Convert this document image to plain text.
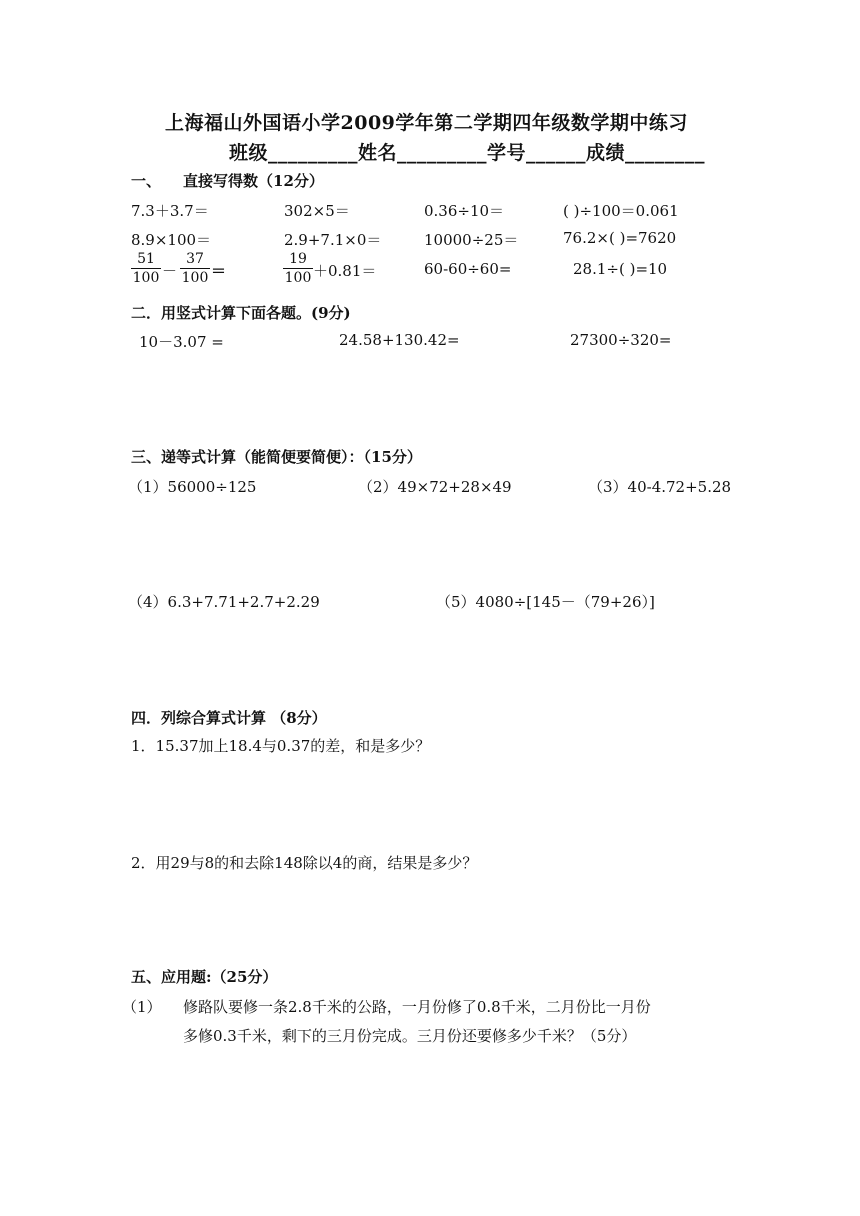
上海福山外国语小学2009学年第二学期四年级数学期中练习
班级_________姓名_________学号______成绩________
一、 直接写得数（12分）
7.3＋3.7＝	302×5＝	0.36÷10＝	( )÷100＝0.061
8.9×100＝	2.9+7.1×0＝	10000÷25＝	76.2×( )=7620
$\frac{51}{100} - \frac{37}{100}$ ＝	$\frac{19}{100} +0.81=$	60-60÷60=	28.1÷( )=10
二．用竖式计算下面各题。(9分)
10－3.07 =	24.58+130.42=	27300÷320=
三、递等式计算（能简便要简便）：（15分）
（1）56000÷125	（2）49×72+28×49	（3）40-4.72+5.28
（4）6.3+7.71+2.7+2.29	（5）4080÷[145－（79+26）]
四．列综合算式计算 （8分）
1．15.37加上18.4与0.37的差，和是多少？
2．用29与8的和去除148除以4的商，结果是多少？
五、应用题:（25分）
（1） 修路队要修一条2.8千米的公路，一月份修了0.8千米，二月份比一月份
多修0.3千米，剩下的三月份完成。三月份还要修多少千米？（5分）
